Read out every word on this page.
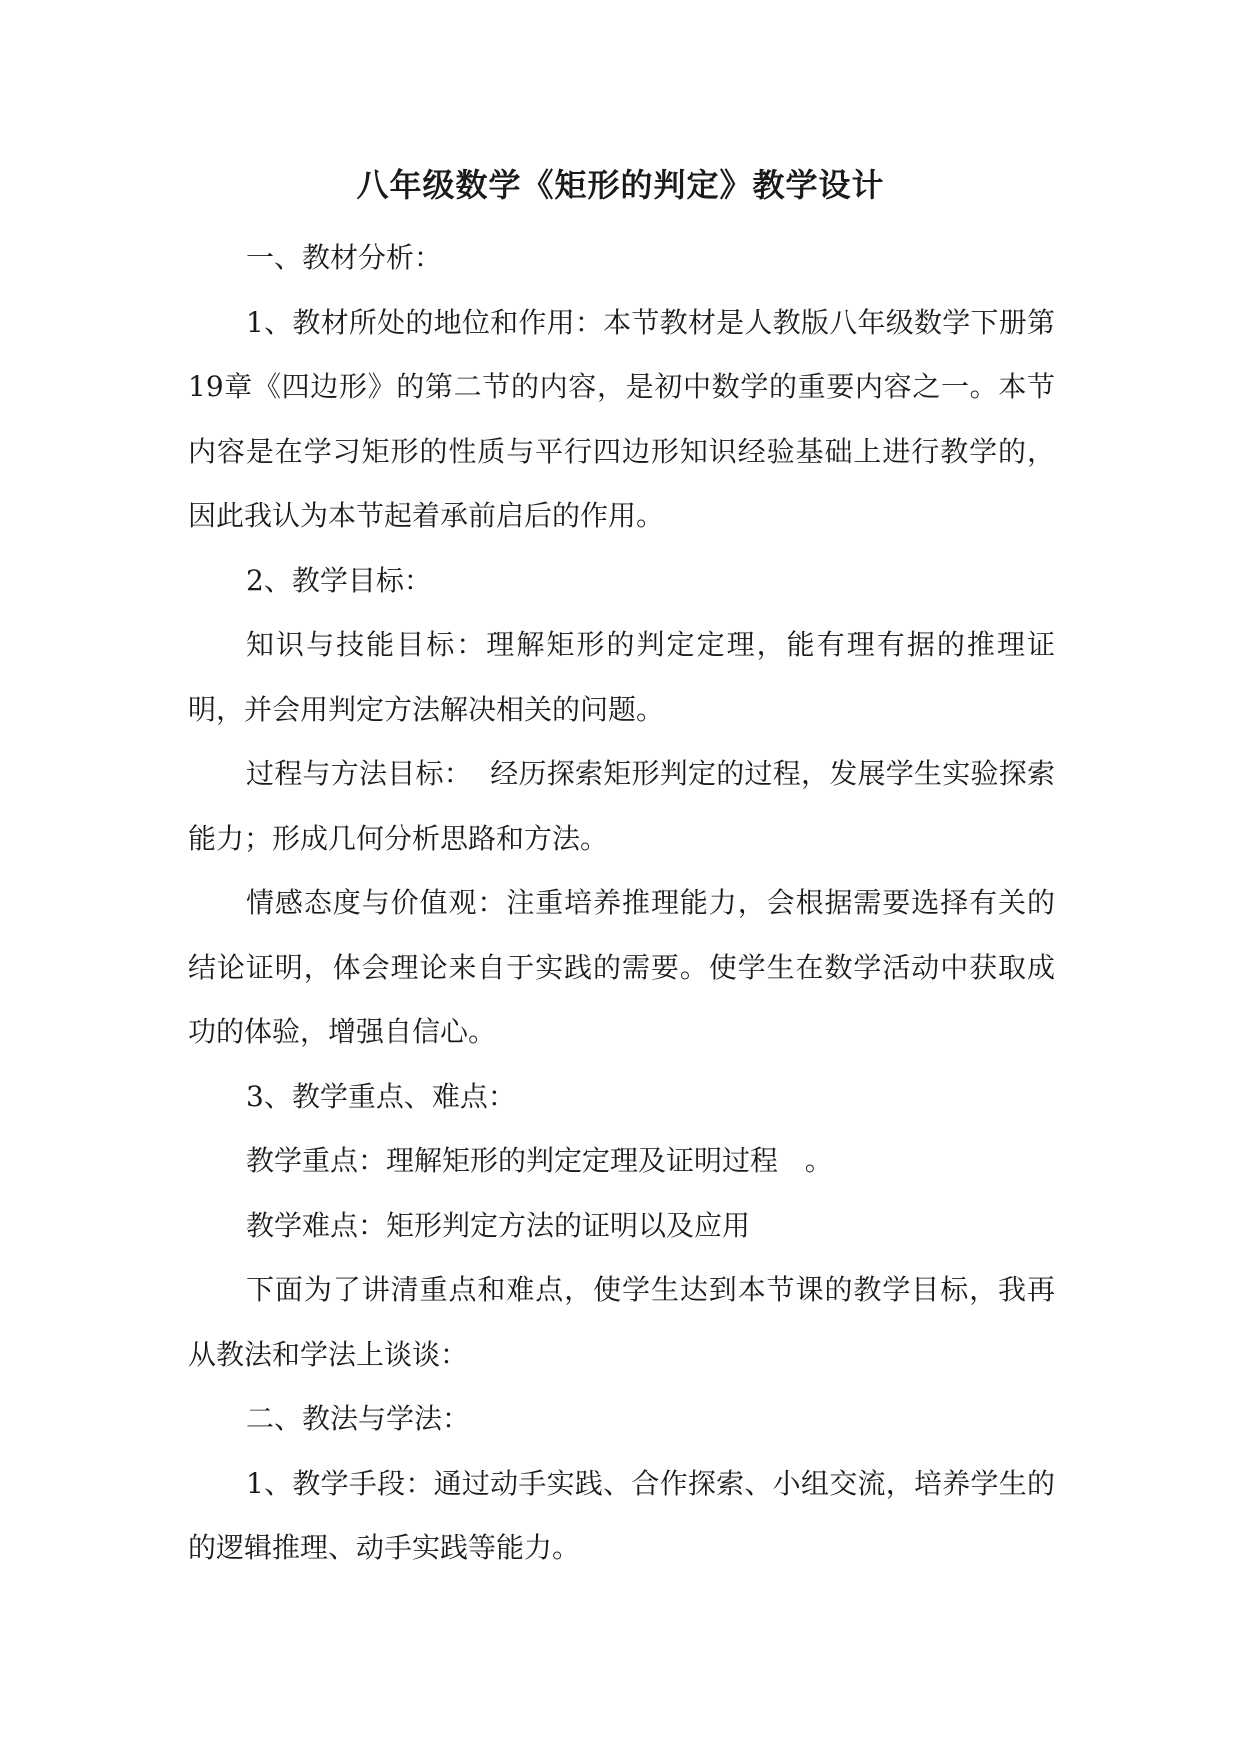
八年级数学《矩形的判定》教学设计

一、教材分析：

1、教材所处的地位和作用：本节教材是人教版八年级数学下册第19章《四边形》的第二节的内容，是初中数学的重要内容之一。本节内容是在学习矩形的性质与平行四边形知识经验基础上进行教学的，因此我认为本节起着承前启后的作用。

2、教学目标：

知识与技能目标：理解矩形的判定定理，能有理有据的推理证明，并会用判定方法解决相关的问题。

过程与方法目标：  经历探索矩形判定的过程，发展学生实验探索能力；形成几何分析思路和方法。

情感态度与价值观：注重培养推理能力，会根据需要选择有关的结论证明，体会理论来自于实践的需要。使学生在数学活动中获取成功的体验，增强自信心。

3、教学重点、难点：

教学重点：理解矩形的判定定理及证明过程   。

教学难点：矩形判定方法的证明以及应用

下面为了讲清重点和难点，使学生达到本节课的教学目标，我再从教法和学法上谈谈：

二、教法与学法：

1、教学手段：通过动手实践、合作探索、小组交流，培养学生的的逻辑推理、动手实践等能力。
